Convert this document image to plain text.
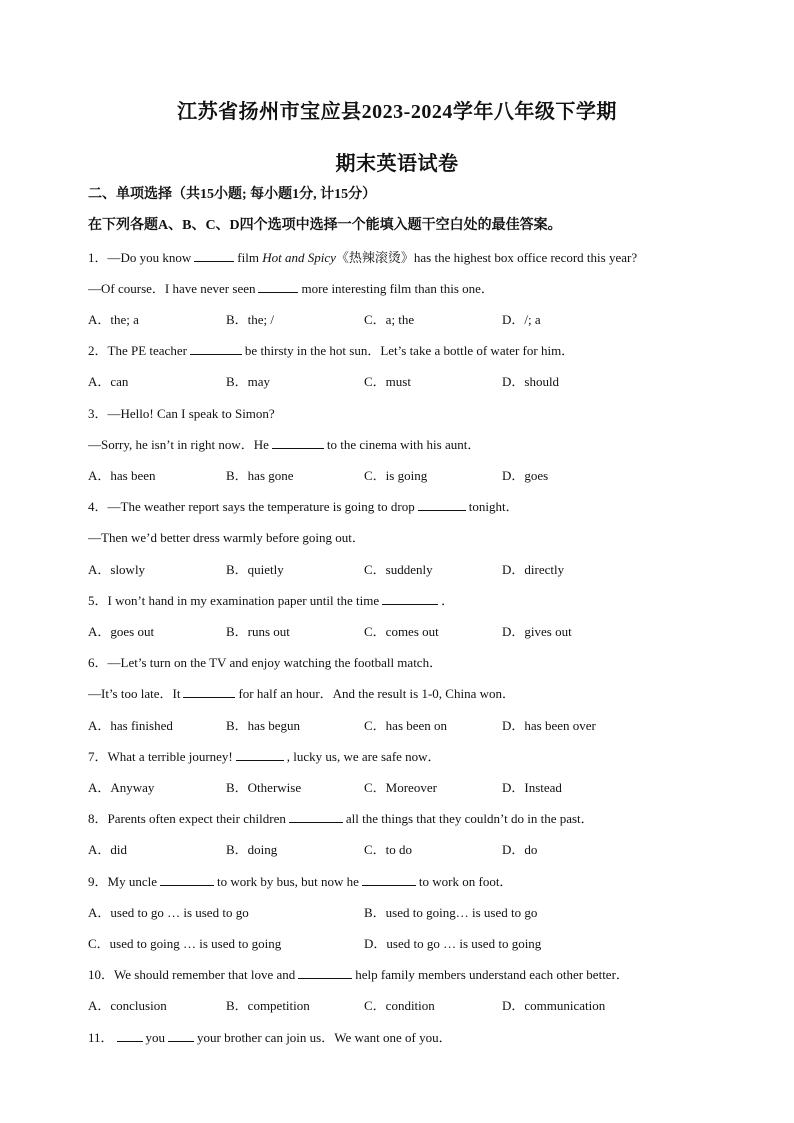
江苏省扬州市宝应县2023-2024学年八年级下学期
期末英语试卷
二、单项选择（共15小题; 每小题1分, 计15分）
在下列各题A、B、C、D四个选项中选择一个能填入题干空白处的最佳答案。
1．—Do you know	film Hot and Spicy《热辣滚烫》has the highest box office record this year?
—Of course．I have never seen	more interesting film than this one．
A．the; a	B．the; /	C．a; the	D．/; a
2．The PE teacher	be thirsty in the hot sun．Let’s take a bottle of water for him．
A．can	B．may	C．must	D．should
3．—Hello! Can I speak to Simon?
—Sorry, he isn’t in right now．He	to the cinema with his aunt．
A．has been	B．has gone	C．is going	D．goes
4．—The weather report says the temperature is going to drop	tonight．
—Then we’d better dress warmly before going out．
A．slowly	B．quietly	C．suddenly	D．directly
5．I won’t hand in my examination paper until the time	．
A．goes out	B．runs out	C．comes out	D．gives out
6．—Let’s turn on the TV and enjoy watching the football match．
—It’s too late．It	for half an hour．And the result is 1-0, China won．
A．has finished	B．has begun	C．has been on	D．has been over
7．What a terrible journey!	, lucky us, we are safe now．
A．Anyway	B．Otherwise	C．Moreover	D．Instead
8．Parents often expect their children	all the things that they couldn’t do in the past．
A．did	B．doing	C．to do	D．do
9．My uncle	to work by bus, but now he	to work on foot．
A．used to go … is used to go	B．used to going… is used to go
C．used to going … is used to going	D．used to go … is used to going
10．We should remember that love and	help family members understand each other better．
A．conclusion	B．competition	C．condition	D．communication
11． you your brother can join us．We want one of you．
